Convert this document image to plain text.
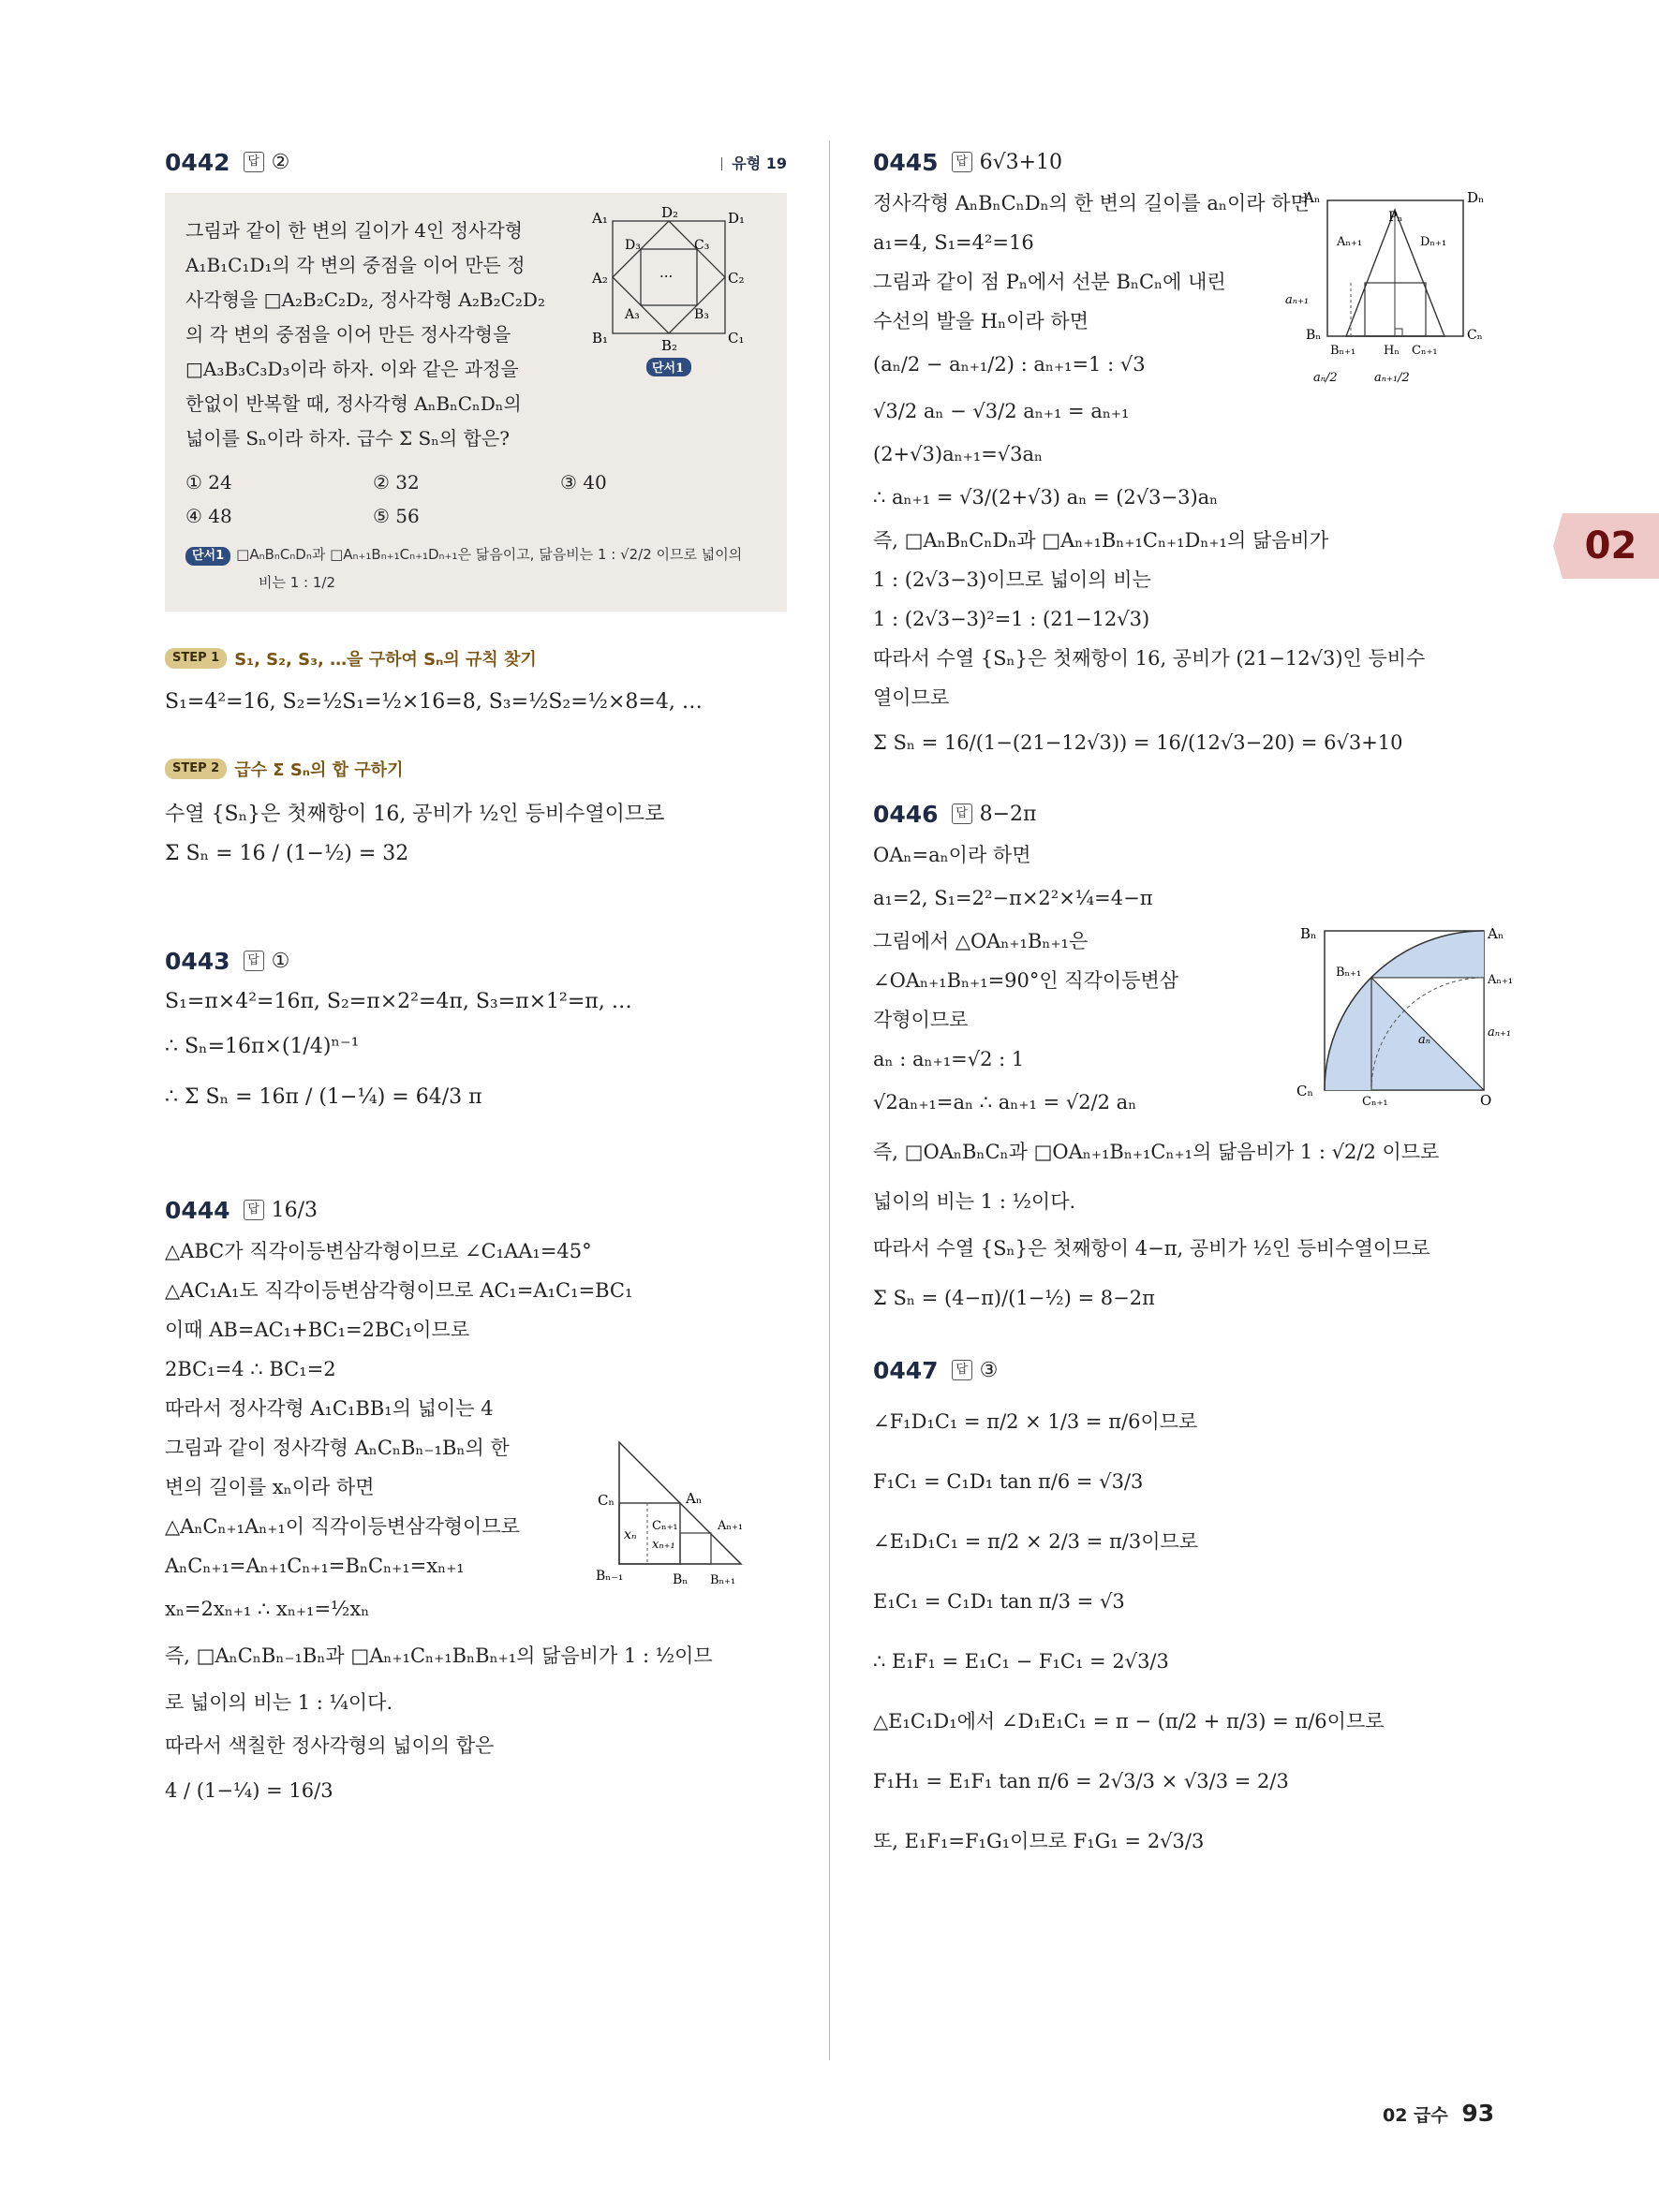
02
0442	답 ②	유형 19
그림과 같이 한 변의 길이가 4인 정사각형
A₁B₁C₁D₁의 각 변의 중점을 이어 만든 정
사각형을 □A₂B₂C₂D₂, 정사각형 A₂B₂C₂D₂
의 각 변의 중점을 이어 만든 정사각형을
□A₃B₃C₃D₃이라 하자. 이와 같은 과정을
한없이 반복할 때, 정사각형 AₙBₙCₙDₙ의
넓이를 Sₙ이라 하자. 급수 Σ Sₙ의 합은?
A₁	D₁
B₁	C₁
D₂
A₂	C₂
B₂
D₃	C₃
A₃	B₃
···
단서1
① 24	② 32	③ 40
④ 48	⑤ 56
단서1 □AₙBₙCₙDₙ과 □Aₙ₊₁Bₙ₊₁Cₙ₊₁Dₙ₊₁은 닮음이고, 닮음비는 1 : √2/2 이므로 넓이의
비는 1 : 1/2
STEP 1 S₁, S₂, S₃, …을 구하여 Sₙ의 규칙 찾기
S₁=4²=16, S₂=½S₁=½×16=8, S₃=½S₂=½×8=4, …
STEP 2 급수 Σ Sₙ의 합 구하기
수열 {Sₙ}은 첫째항이 16, 공비가 ½인 등비수열이므로
Σ Sₙ = 16 / (1−½) = 32
0443	답 ①
S₁=π×4²=16π, S₂=π×2²=4π, S₃=π×1²=π, …
∴ Sₙ=16π×(1/4)ⁿ⁻¹
∴ Σ Sₙ = 16π / (1−¼) = 64/3 π
0444	답 16/3
△ABC가 직각이등변삼각형이므로 ∠C₁AA₁=45°
△AC₁A₁도 직각이등변삼각형이므로 AC₁=A₁C₁=BC₁
이때 AB=AC₁+BC₁=2BC₁이므로
2BC₁=4 ∴ BC₁=2
따라서 정사각형 A₁C₁BB₁의 넓이는 4
그림과 같이 정사각형 AₙCₙBₙ₋₁Bₙ의 한
변의 길이를 xₙ이라 하면
△AₙCₙ₊₁Aₙ₊₁이 직각이등변삼각형이므로
AₙCₙ₊₁=Aₙ₊₁Cₙ₊₁=BₙCₙ₊₁=xₙ₊₁
xₙ=2xₙ₊₁ ∴ xₙ₊₁=½xₙ
즉, □AₙCₙBₙ₋₁Bₙ과 □Aₙ₊₁Cₙ₊₁BₙBₙ₊₁의 닮음비가 1 : ½이므
로 넓이의 비는 1 : ¼이다.
따라서 색칠한 정사각형의 넓이의 합은
4 / (1−¼) = 16/3
Cₙ	Aₙ
Cₙ₊₁
xₙ
xₙ₊₁
Aₙ₊₁
Bₙ₋₁	Bₙ Bₙ₊₁
0445	답 6√3+10
정사각형 AₙBₙCₙDₙ의 한 변의 길이를 aₙ이라 하면
a₁=4, S₁=4²=16
그림과 같이 점 Pₙ에서 선분 BₙCₙ에 내린
수선의 발을 Hₙ이라 하면
(aₙ/2 − aₙ₊₁/2) : aₙ₊₁=1 : √3
√3/2 aₙ − √3/2 aₙ₊₁ = aₙ₊₁
(2+√3)aₙ₊₁=√3aₙ
∴ aₙ₊₁ = √3/(2+√3) aₙ = (2√3−3)aₙ
즉, □AₙBₙCₙDₙ과 □Aₙ₊₁Bₙ₊₁Cₙ₊₁Dₙ₊₁의 닮음비가
1 : (2√3−3)이므로 넓이의 비는
1 : (2√3−3)²=1 : (21−12√3)
따라서 수열 {Sₙ}은 첫째항이 16, 공비가 (21−12√3)인 등비수
열이므로
Σ Sₙ = 16/(1−(21−12√3)) = 16/(12√3−20) = 6√3+10
Aₙ	Dₙ
Pₙ
Aₙ₊₁	Dₙ₊₁
aₙ₊₁
Bₙ
Bₙ₊₁ Hₙ Cₙ₊₁
Cₙ
aₙ/2	aₙ₊₁/2
0446	답 8−2π
OAₙ=aₙ이라 하면
a₁=2, S₁=2²−π×2²×¼=4−π
그림에서 △OAₙ₊₁Bₙ₊₁은
∠OAₙ₊₁Bₙ₊₁=90°인 직각이등변삼
각형이므로
aₙ : aₙ₊₁=√2 : 1
√2aₙ₊₁=aₙ ∴ aₙ₊₁ = √2/2 aₙ
즉, □OAₙBₙCₙ과 □OAₙ₊₁Bₙ₊₁Cₙ₊₁의 닮음비가 1 : √2/2 이므로
넓이의 비는 1 : ½이다.
따라서 수열 {Sₙ}은 첫째항이 4−π, 공비가 ½인 등비수열이므로
Σ Sₙ = (4−π)/(1−½) = 8−2π
Bₙ	Aₙ
Bₙ₊₁
Aₙ₊₁
aₙ₊₁
aₙ
Cₙ
Cₙ₊₁	O
0447	답 ③
∠F₁D₁C₁ = π/2 × 1/3 = π/6이므로
F₁C₁ = C₁D₁ tan π/6 = √3/3
∠E₁D₁C₁ = π/2 × 2/3 = π/3이므로
E₁C₁ = C₁D₁ tan π/3 = √3
∴ E₁F₁ = E₁C₁ − F₁C₁ = 2√3/3
△E₁C₁D₁에서 ∠D₁E₁C₁ = π − (π/2 + π/3) = π/6이므로
F₁H₁ = E₁F₁ tan π/6 = 2√3/3 × √3/3 = 2/3
또, E₁F₁=F₁G₁이므로 F₁G₁ = 2√3/3
02 급수 93
